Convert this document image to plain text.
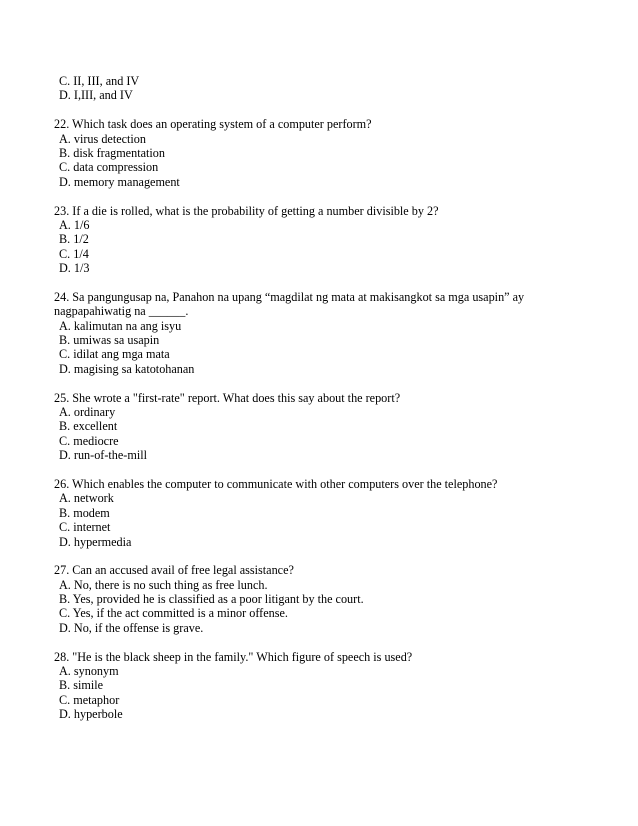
C. II, III, and IV
D. I,III, and IV
22. Which task does an operating system of a computer perform?
A. virus detection
B. disk fragmentation
C. data compression
D. memory management
23. If a die is rolled, what is the probability of getting a number divisible by 2?
A. 1/6
B. 1/2
C. 1/4
D. 1/3
24. Sa pangungusap na, Panahon na upang “magdilat ng mata at makisangkot sa mga usapin” ay
nagpapahiwatig na ______.
A. kalimutan na ang isyu
B. umiwas sa usapin
C. idilat ang mga mata
D. magising sa katotohanan
25. She wrote a "first-rate" report. What does this say about the report?
A. ordinary
B. excellent
C. mediocre
D. run-of-the-mill
26. Which enables the computer to communicate with other computers over the telephone?
A. network
B. modem
C. internet
D. hypermedia
27. Can an accused avail of free legal assistance?
A. No, there is no such thing as free lunch.
B. Yes, provided he is classified as a poor litigant by the court.
C. Yes, if the act committed is a minor offense.
D. No, if the offense is grave.
28. "He is the black sheep in the family." Which figure of speech is used?
A. synonym
B. simile
C. metaphor
D. hyperbole
